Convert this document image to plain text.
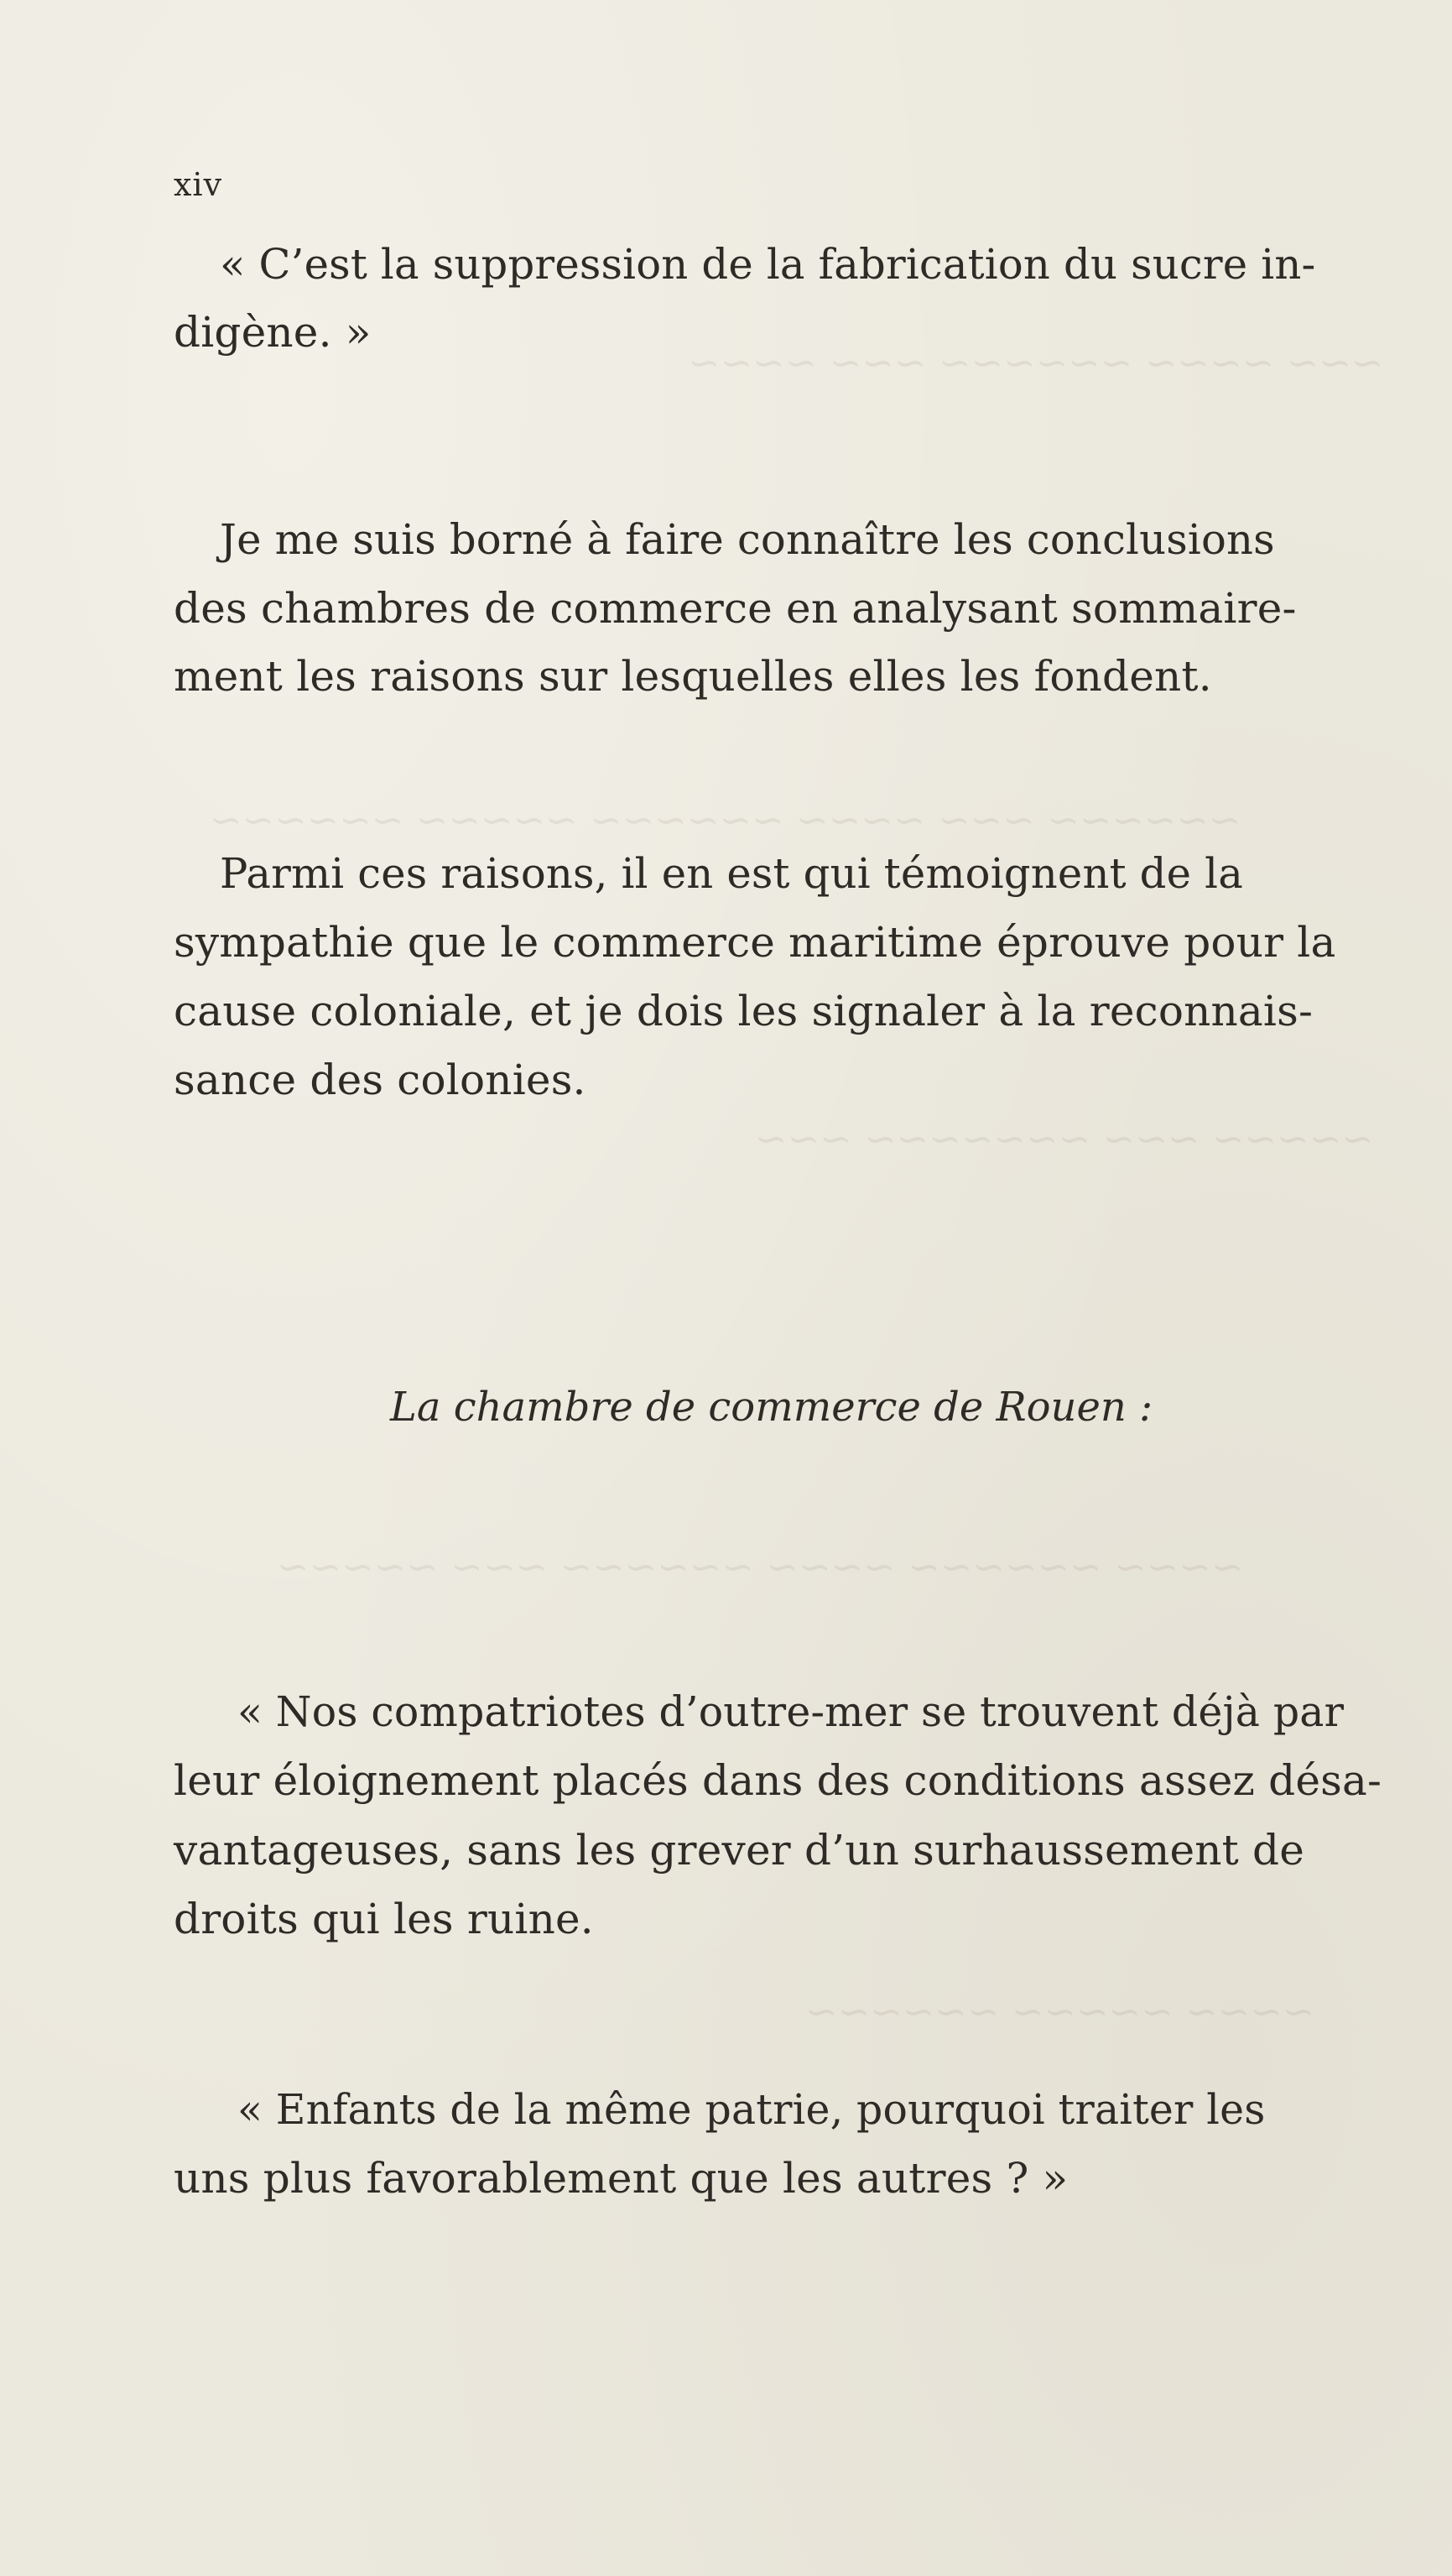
~~~ ~~~~ ~~~~~~ ~~~ ~~~~
~~~~~~ ~~~ ~~~~ ~~~~~~ ~~~~~ ~~~~~~
~~~~~ ~~~ ~~~~~~~ ~~~
~~~~ ~~~~~~ ~~~~ ~~~~~~ ~~~ ~~~~~
~~~~ ~~~~~ ~~~~~~
xiv
« C’est la suppression de la fabrication du sucre in-
digène. »
Je me suis borné à faire connaître les conclusions
des chambres de commerce en analysant sommaire-
ment les raisons sur lesquelles elles les fondent.
Parmi ces raisons, il en est qui témoignent de la
sympathie que le commerce maritime éprouve pour la
cause coloniale, et je dois les signaler à la reconnais-
sance des colonies.
La chambre de commerce de Rouen :
« Nos compatriotes d’outre-mer se trouvent déjà par
leur éloignement placés dans des conditions assez désa-
vantageuses, sans les grever d’un surhaussement de
droits qui les ruine.
« Enfants de la même patrie, pourquoi traiter les
uns plus favorablement que les autres ? »
